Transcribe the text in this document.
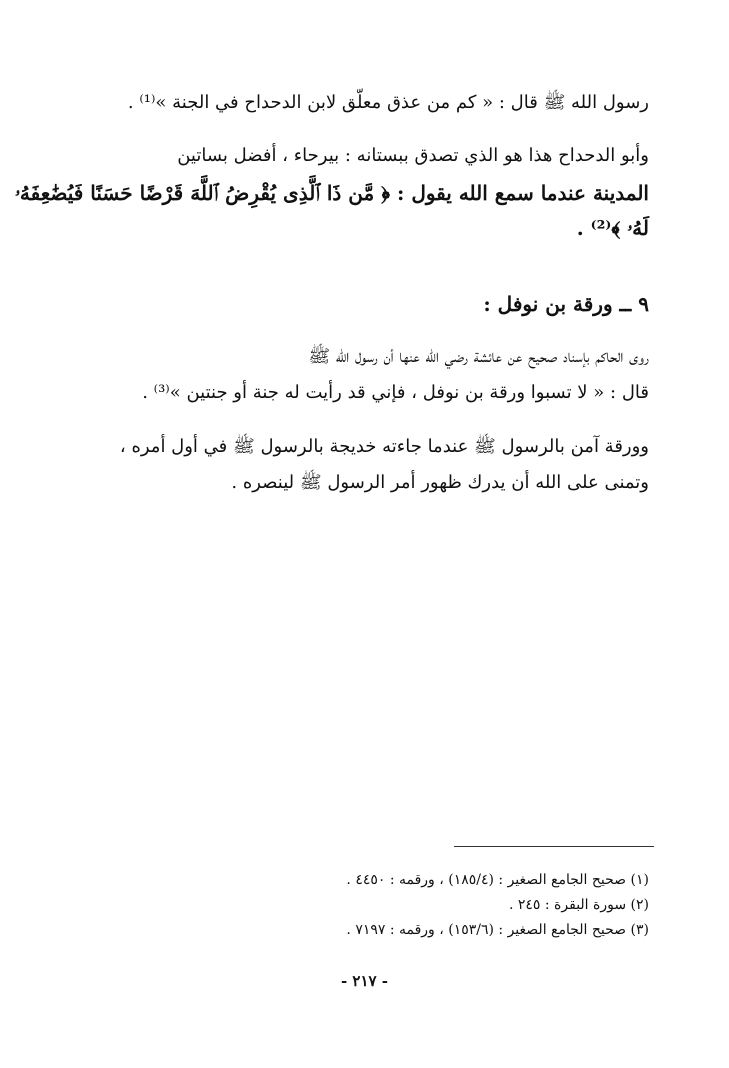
رسول الله ﷺ قال : « كم من عذق معلّق لابن الدحداح في الجنة »⁽¹⁾ .
وأبو الدحداح هذا هو الذي تصدق ببستانه : بيرحاء ، أفضل بساتين
المدينة عندما سمع الله يقول : ﴿ مَّن ذَا ٱلَّذِى يُقْرِضُ ٱللَّهَ قَرْضًا حَسَنًا فَيُضَٰعِفَهُۥ
لَهُۥ ﴾⁽²⁾ .
٩ ــ ورقة بن نوفل :
روى الحاكم بإسناد صحيح عن عائشة رضي الله عنها أن رسول الله ﷺ
قال : « لا تسبوا ورقة بن نوفل ، فإني قد رأيت له جنة أو جنتين »⁽³⁾ .
وورقة آمن بالرسول ﷺ عندما جاءته خديجة بالرسول ﷺ في أول أمره ،
وتمنى على الله أن يدرك ظهور أمر الرسول ﷺ لينصره .
(١) صحيح الجامع الصغير : (١٨٥/٤) ، ورقمه : ٤٤٥٠ .
(٢) سورة البقرة : ٢٤٥ .
(٣) صحيح الجامع الصغير : (١٥٣/٦) ، ورقمه : ٧١٩٧ .
- ٢١٧ -
